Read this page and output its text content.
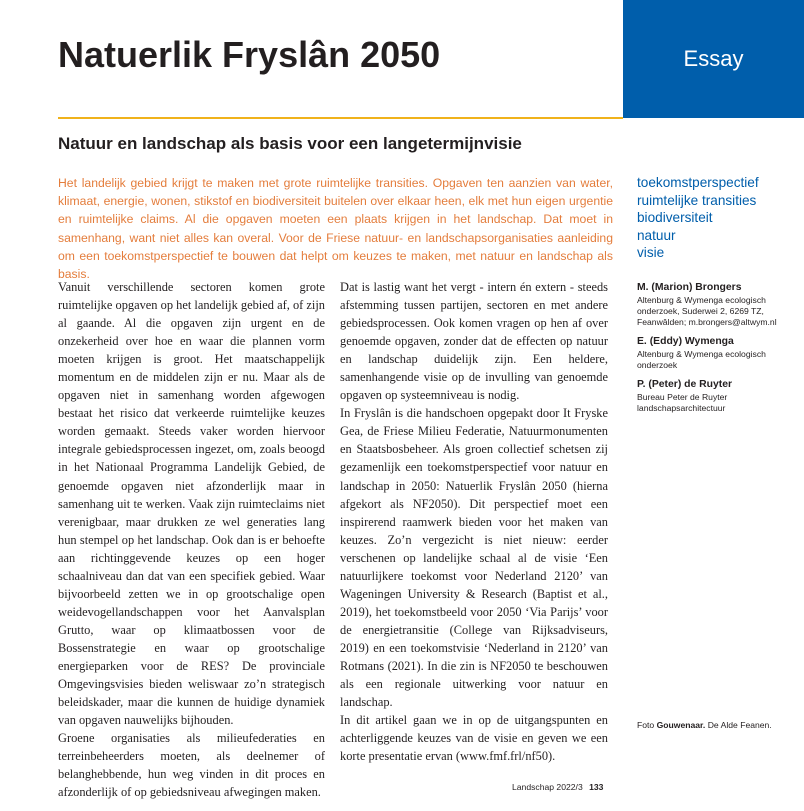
Natuerlik Fryslân 2050	Essay
Natuur en landschap als basis voor een langetermijnvisie
Het landelijk gebied krijgt te maken met grote ruimtelijke transities. Opgaven ten aanzien van water, klimaat, energie, wonen, stikstof en biodiversiteit buitelen over elkaar heen, elk met hun eigen urgentie en ruimtelijke claims. Al die opgaven moeten een plaats krijgen in het landschap. Dat moet in samenhang, want niet alles kan overal. Voor de Friese natuur- en landschapsorganisaties aanleiding om een toekomstperspectief te bouwen dat helpt om keuzes te maken, met natuur en landschap als basis.
toekomstperspectief
ruimtelijke transities
biodiversiteit
natuur
visie

Vanuit verschillende sectoren komen grote ruimtelijke opgaven op het landelijk gebied af, of zijn al gaande. Al die opgaven zijn urgent en de onzekerheid over hoe en waar die plannen vorm moeten krijgen is groot. Het maatschappelijk momentum en de middelen zijn er nu. Maar als de opgaven niet in samenhang worden afgewogen bestaat het risico dat verkeerde ruimtelijke keuzes worden gemaakt. Steeds vaker worden hiervoor integrale gebiedsprocessen ingezet, om, zoals beoogd in het Nationaal Programma Landelijk Gebied, de genoemde opgaven niet afzonderlijk maar in samenhang uit te werken. Vaak zijn ruimteclaims niet verenigbaar, maar drukken ze wel generaties lang hun stempel op het landschap. Ook dan is er behoefte aan richtinggevende keuzes op een hoger schaalniveau dan dat van een specifiek gebied. Waar bijvoorbeeld zetten we in op grootschalige open weidevogellandschappen voor het Aanvalsplan Grutto, waar op klimaatbossen voor de Bossenstrategie en waar op grootschalige energieparken voor de RES? De provinciale Omgevingsvisies bieden weliswaar zo’n strategisch beleidskader, maar die kunnen de huidige dynamiek van opgaven nauwelijks bijhouden.

Groene organisaties als milieufederaties en terreinbeheerders moeten, als deelnemer of belanghebbende, hun weg vinden in dit proces en afzonderlijk of op gebiedsniveau afwegingen maken.

Dat is lastig want het vergt - intern én extern - steeds afstemming tussen partijen, sectoren en met andere gebiedsprocessen. Ook komen vragen op hen af over genoemde opgaven, zonder dat de effecten op natuur en landschap duidelijk zijn. Een heldere, samenhangende visie op de invulling van genoemde opgaven op systeemniveau is nodig.

In Fryslân is die handschoen opgepakt door It Fryske Gea, de Friese Milieu Federatie, Natuurmonumenten en Staatsbosbeheer. Als groen collectief schetsen zij gezamenlijk een toekomstperspectief voor natuur en landschap in 2050: Natuerlik Fryslân 2050 (hierna afgekort als NF2050). Dit perspectief moet een inspirerend raamwerk bieden voor het maken van keuzes. Zo’n vergezicht is niet nieuw: eerder verschenen op landelijke schaal al de visie ‘Een natuurlijkere toekomst voor Nederland 2120’ van Wageningen University & Research (Baptist et al., 2019), het toekomstbeeld voor 2050 ‘Via Parijs’ voor de energietransitie (College van Rijksadviseurs, 2019) en een toekomstvisie ‘Nederland in 2120’ van Rotmans (2021). In die zin is NF2050 te beschouwen als een regionale uitwerking voor natuur en landschap.

In dit artikel gaan we in op de uitgangspunten en achterliggende keuzes van de visie en geven we een korte presentatie ervan (www.fmf.frl/nf50).

M. (Marion) Brongers
Altenburg & Wymenga ecologisch onderzoek, Suderwei 2, 6269 TZ, Feanwâlden; m.brongers@altwym.nl
E. (Eddy) Wymenga
Altenburg & Wymenga ecologisch onderzoek
P. (Peter) de Ruyter
Bureau Peter de Ruyter landschapsarchitectuur
Foto Gouwenaar. De Alde Feanen.
Landschap 2022/3 133
